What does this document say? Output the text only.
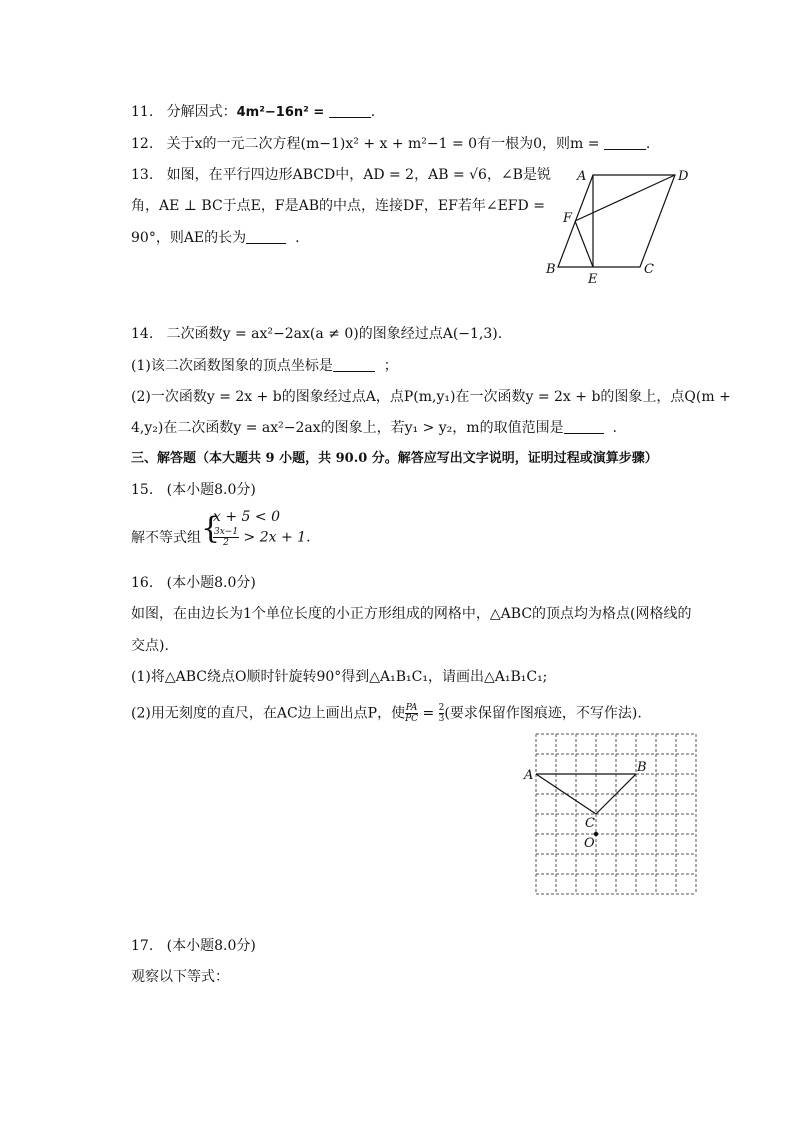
11. 分解因式：4m²−16n² =	.
12. 关于x的一元二次方程(m−1)x² + x + m²−1 = 0有一根为0，则m =	.
13. 如图，在平行四边形ABCD中，AD = 2，AB = √6，∠B是锐
角，AE ⊥ BC于点E，F是AB的中点，连接DF，EF若年∠EFD =
90°，则AE的长为	.
A	D
F
B	C
E
14. 二次函数y = ax²−2ax(a ≠ 0)的图象经过点A(−1,3).
(1)该二次函数图象的顶点坐标是	；
(2)一次函数y = 2x + b的图象经过点A，点P(m,y₁)在一次函数y = 2x + b的图象上，点Q(m +
4,y₂)在二次函数y = ax²−2ax的图象上，若y₁ > y₂，m的取值范围是	.
三、解答题（本大题共 9 小题，共 90.0 分。解答应写出文字说明，证明过程或演算步骤）
15. (本小题8.0分)
解不等式组 {
x + 5 < 0
$\frac{3x-1}{2} > 2x + 1$.
16. (本小题8.0分)
如图，在由边长为1个单位长度的小正方形组成的网格中，△ABC的顶点均为格点(网格线的
交点).
(1)将△ABC绕点O顺时针旋转90°得到△A₁B₁C₁，请画出△A₁B₁C₁;
(2)用无刻度的直尺，在AC边上画出点P，使 $\frac{PA}{PC} = \frac{2}{3}$ (要求保留作图痕迹，不写作法).
A
B
C
O
17. (本小题8.0分)
观察以下等式：
